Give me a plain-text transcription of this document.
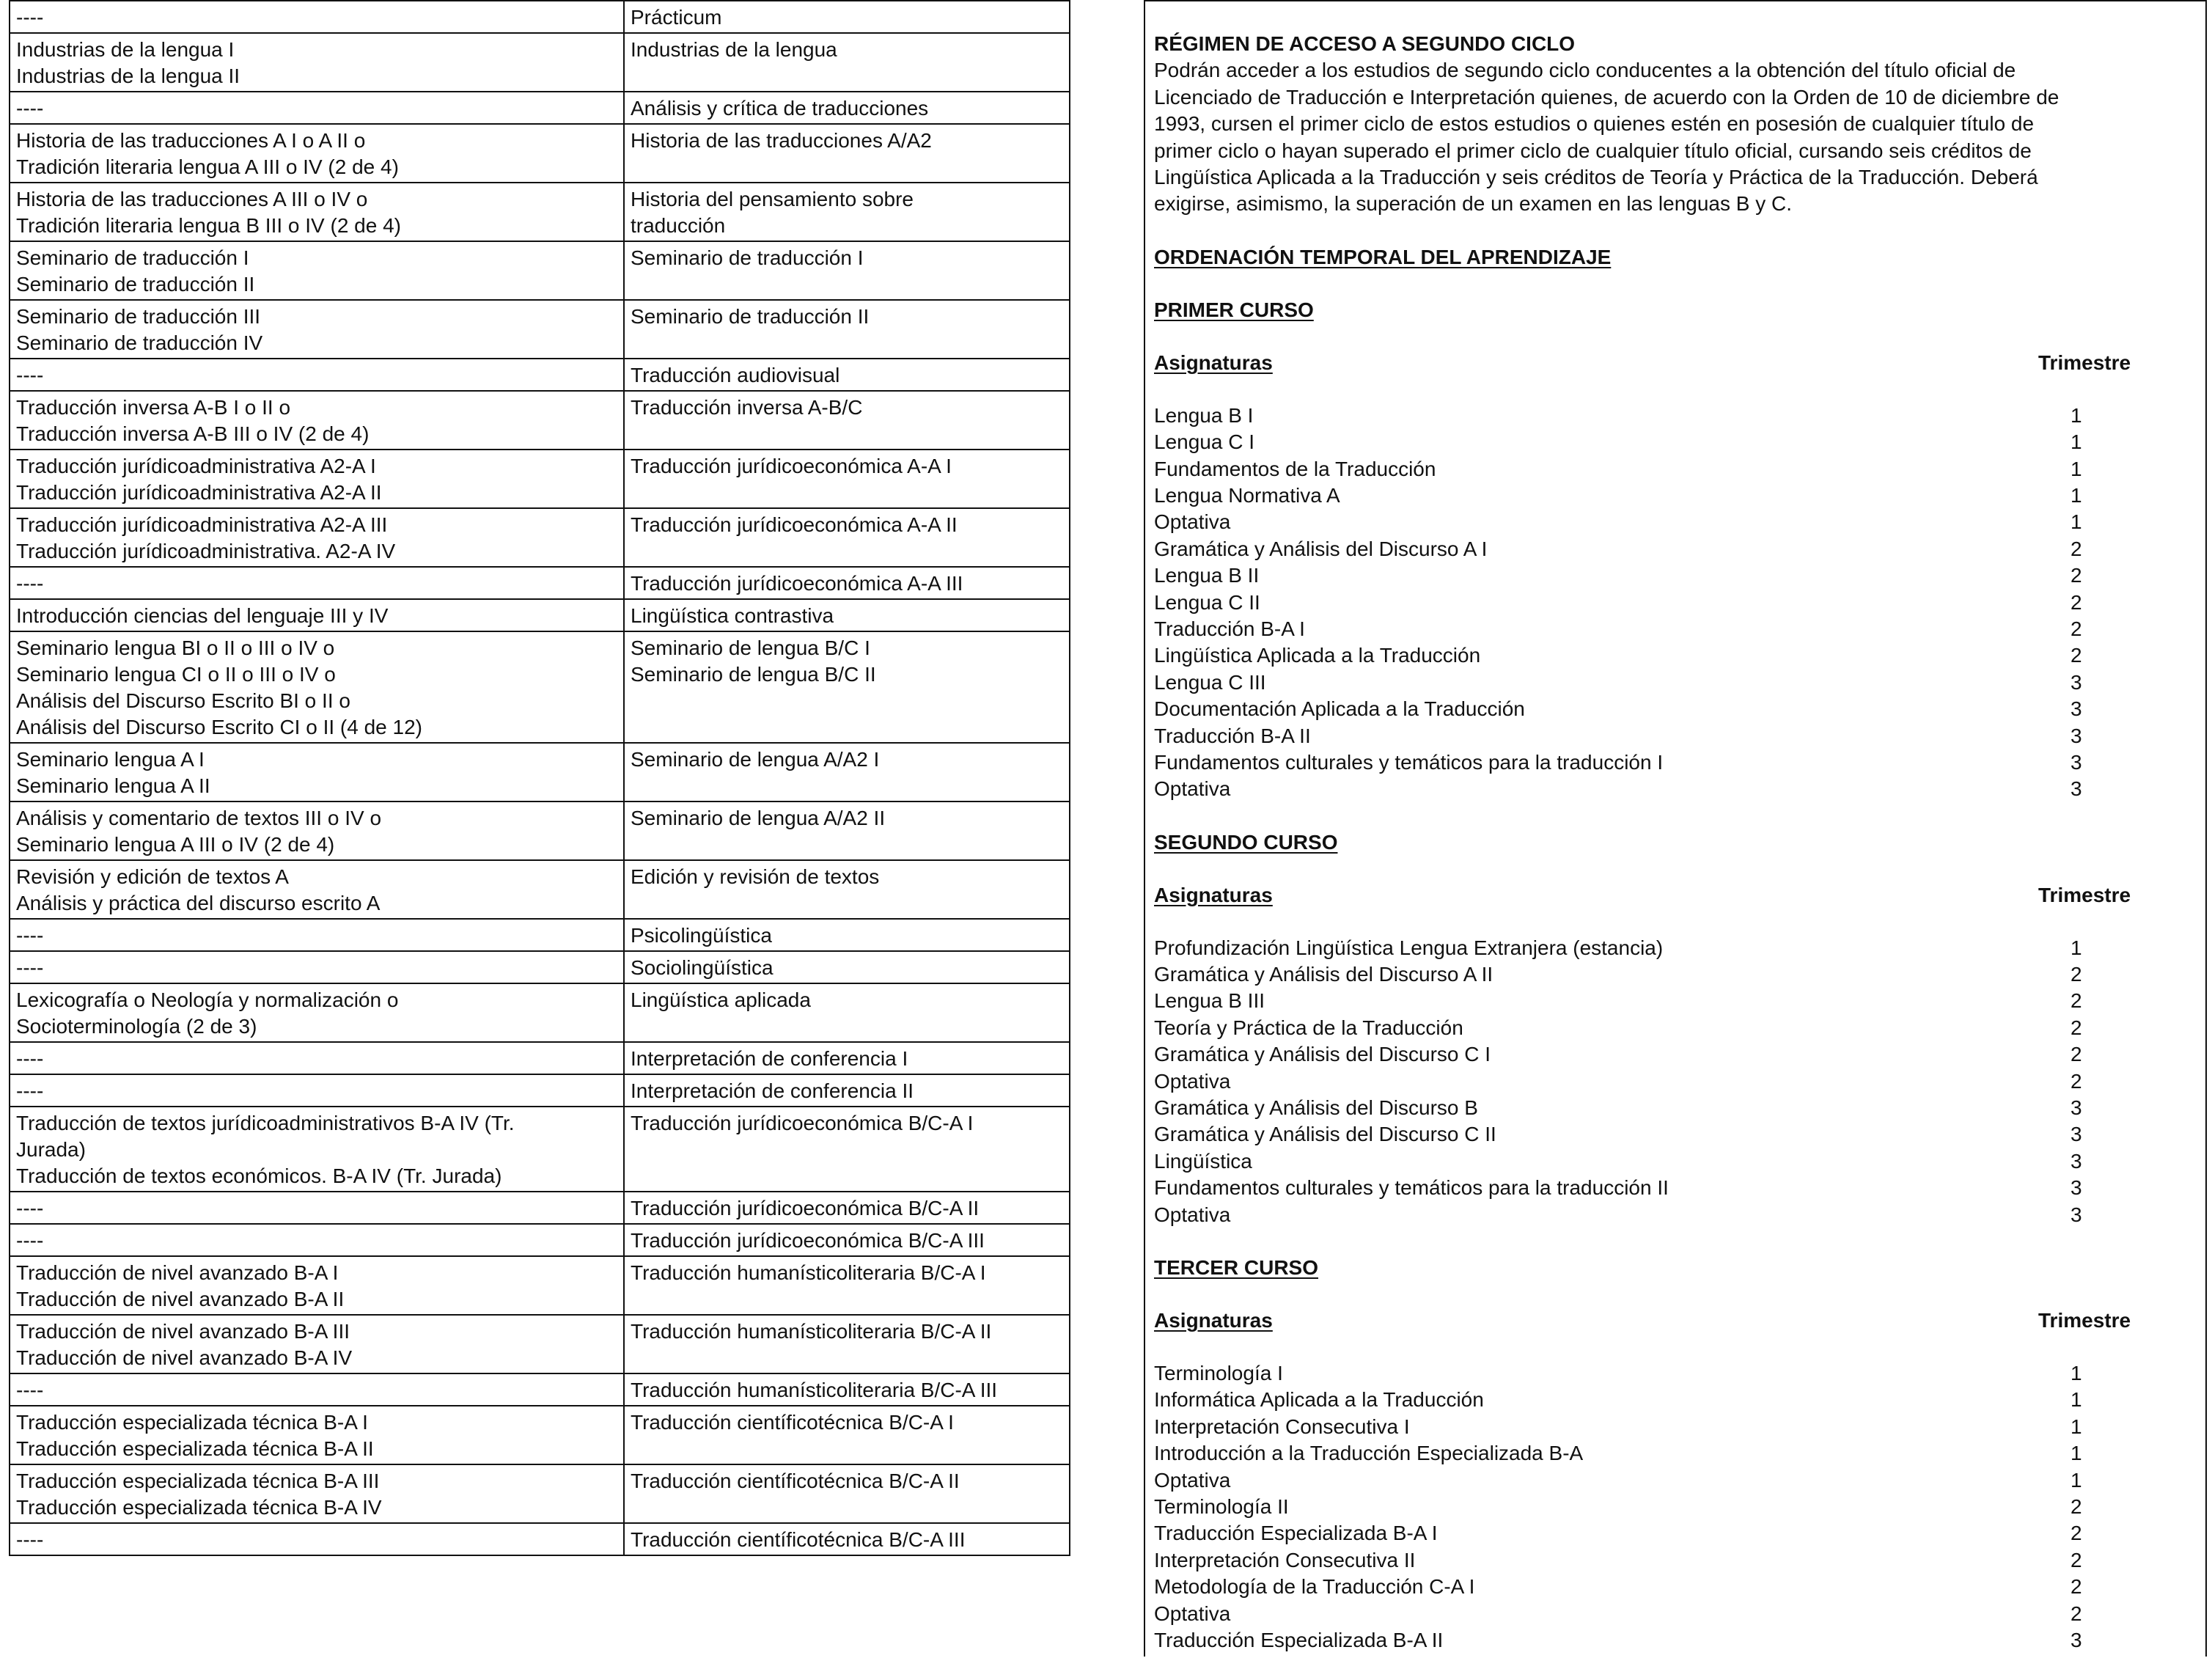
----	Prácticum

Industrias de la lengua I
Industrias de la lengua II	Industrias de la lengua

----	Análisis y crítica de traducciones

Historia de las traducciones A I o A II o
Tradición literaria lengua A III o IV (2 de 4)	Historia de las traducciones A/A2

Historia de las traducciones A III o IV o
Tradición literaria lengua B III o IV (2 de 4)	Historia del pensamiento sobre
traducción

Seminario de traducción I
Seminario de traducción II	Seminario de traducción I

Seminario de traducción III
Seminario de traducción IV	Seminario de traducción II

----	Traducción audiovisual

Traducción inversa A-B I o II o
Traducción inversa A-B III o IV (2 de 4)	Traducción inversa A-B/C

Traducción jurídicoadministrativa A2-A I
Traducción jurídicoadministrativa A2-A II	Traducción jurídicoeconómica A-A I

Traducción jurídicoadministrativa A2-A III
Traducción jurídicoadministrativa. A2-A IV	Traducción jurídicoeconómica A-A II

----	Traducción jurídicoeconómica A-A III

Introducción ciencias del lenguaje III y IV	Lingüística contrastiva

Seminario lengua BI o II o III o IV o
Seminario lengua CI o II o III o IV o
Análisis del Discurso Escrito BI o II o
Análisis del Discurso Escrito CI o II (4 de 12)	Seminario de lengua B/C I
Seminario de lengua B/C II

Seminario lengua A I
Seminario lengua A II	Seminario de lengua A/A2 I

Análisis y comentario de textos III o IV o
Seminario lengua A III o IV (2 de 4)	Seminario de lengua A/A2 II

Revisión y edición de textos A
Análisis y práctica del discurso escrito A	Edición y revisión de textos

----	Psicolingüística

----	Sociolingüística

Lexicografía o Neología y normalización o
Socioterminología (2 de 3)	Lingüística aplicada

----	Interpretación de conferencia I

----	Interpretación de conferencia II

Traducción de textos jurídicoadministrativos B-A IV (Tr.
Jurada)
Traducción de textos económicos. B-A IV (Tr. Jurada)	Traducción jurídicoeconómica B/C-A I

----	Traducción jurídicoeconómica B/C-A II

----	Traducción jurídicoeconómica B/C-A III

Traducción de nivel avanzado B-A I
Traducción de nivel avanzado B-A II	Traducción humanísticoliteraria B/C-A I

Traducción de nivel avanzado B-A III
Traducción de nivel avanzado B-A IV	Traducción humanísticoliteraria B/C-A II

----	Traducción humanísticoliteraria B/C-A III

Traducción especializada técnica B-A I
Traducción especializada técnica B-A II	Traducción científicotécnica B/C-A I

Traducción especializada técnica B-A III
Traducción especializada técnica B-A IV	Traducción científicotécnica B/C-A II

----	Traducción científicotécnica B/C-A III
RÉGIMEN DE ACCESO A SEGUNDO CICLO
Podrán acceder a los estudios de segundo ciclo conducentes a la obtención del título oficial de
Licenciado de Traducción e Interpretación quienes, de acuerdo con la Orden de 10 de diciembre de
1993, cursen el primer ciclo de estos estudios o quienes estén en posesión de cualquier título de
primer ciclo o hayan superado el primer ciclo de cualquier título oficial, cursando seis créditos de
Lingüística Aplicada a la Traducción y seis créditos de Teoría y Práctica de la Traducción. Deberá
exigirse, asimismo, la superación de un examen en las lenguas B y C.
ORDENACIÓN TEMPORAL DEL APRENDIZAJE
PRIMER CURSO
Asignaturas	Trimestre
Lengua B I	1
Lengua C I	1
Fundamentos de la Traducción	1
Lengua Normativa A	1
Optativa	1
Gramática y Análisis del Discurso A I	2
Lengua B II	2
Lengua C II	2
Traducción B-A I	2
Lingüística Aplicada a la Traducción	2
Lengua C III	3
Documentación Aplicada a la Traducción	3
Traducción B-A II	3
Fundamentos culturales y temáticos para la traducción I	3
Optativa	3
SEGUNDO CURSO
Asignaturas	Trimestre
Profundización Lingüística Lengua Extranjera (estancia)	1
Gramática y Análisis del Discurso A II	2
Lengua B III	2
Teoría y Práctica de la Traducción	2
Gramática y Análisis del Discurso C I	2
Optativa	2
Gramática y Análisis del Discurso B	3
Gramática y Análisis del Discurso C II	3
Lingüística	3
Fundamentos culturales y temáticos para la traducción II	3
Optativa	3
TERCER CURSO
Asignaturas	Trimestre
Terminología I	1
Informática Aplicada a la Traducción	1
Interpretación Consecutiva I	1
Introducción a la Traducción Especializada B-A	1
Optativa	1
Terminología II	2
Traducción Especializada B-A I	2
Interpretación Consecutiva II	2
Metodología de la Traducción C-A I	2
Optativa	2
Traducción Especializada B-A II	3
